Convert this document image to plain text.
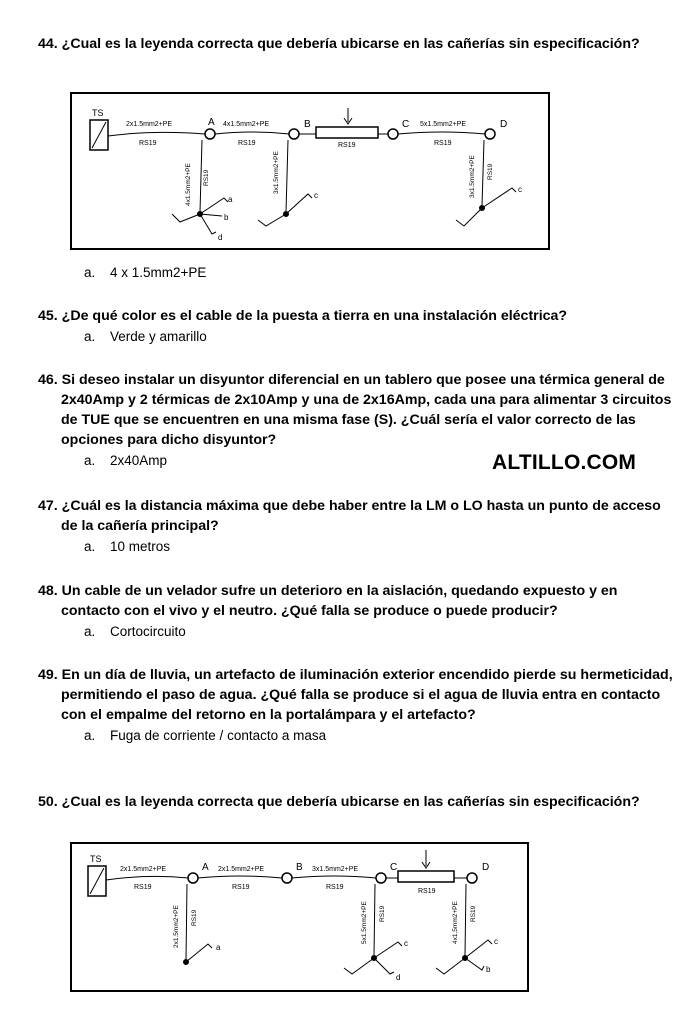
44. ¿Cual es la leyenda correcta que debería ubicarse en las cañerías sin especificación?
TS
2x1.5mm2+PE
RS19
A 4x1.5mm2+PE
RS19
B
RS19
C 5x1.5mm2+PE
RS19
D
4x1.5mm2+PE RS19	3x1.5mm2+PE	3x1.5mm2+PE RS19
a
b
d
c
c
a. 4 x 1.5mm2+PE
45. ¿De qué color es el cable de la puesta a tierra en una instalación eléctrica?
a. Verde y amarillo
46. Si deseo instalar un disyuntor diferencial en un tablero que posee una térmica general de 2x40Amp y 2 térmicas de 2x10Amp y una de 2x16Amp, cada una para alimentar 3 circuitos de TUE que se encuentren en una misma fase (S). ¿Cuál sería el valor correcto de las opciones para dicho disyuntor?
a. 2x40Amp	ALTILLO.COM
47. ¿Cuál es la distancia máxima que debe haber entre la LM o LO hasta un punto de acceso de la cañería principal?
a. 10 metros
48. Un cable de un velador sufre un deterioro en la aislación, quedando expuesto y en contacto con el vivo y el neutro. ¿Qué falla se produce o puede producir?
a. Cortocircuito
49. En un día de lluvia, un artefacto de iluminación exterior encendido pierde su hermeticidad, permitiendo el paso de agua. ¿Qué falla se produce si el agua de lluvia entra en contacto con el empalme del retorno en la portalámpara y el artefacto?
a. Fuga de corriente / contacto a masa
50. ¿Cual es la leyenda correcta que debería ubicarse en las cañerías sin especificación?
TS
2x1.5mm2+PE
RS19
A 2x1.5mm2+PE
RS19
B 3x1.5mm2+PE
RS19
C
RS19
D
2x1.5mm2+PE RS19	5x1.5mm2+PE RS19	4x1.5mm2+PE RS19
a	c
d
c
b
